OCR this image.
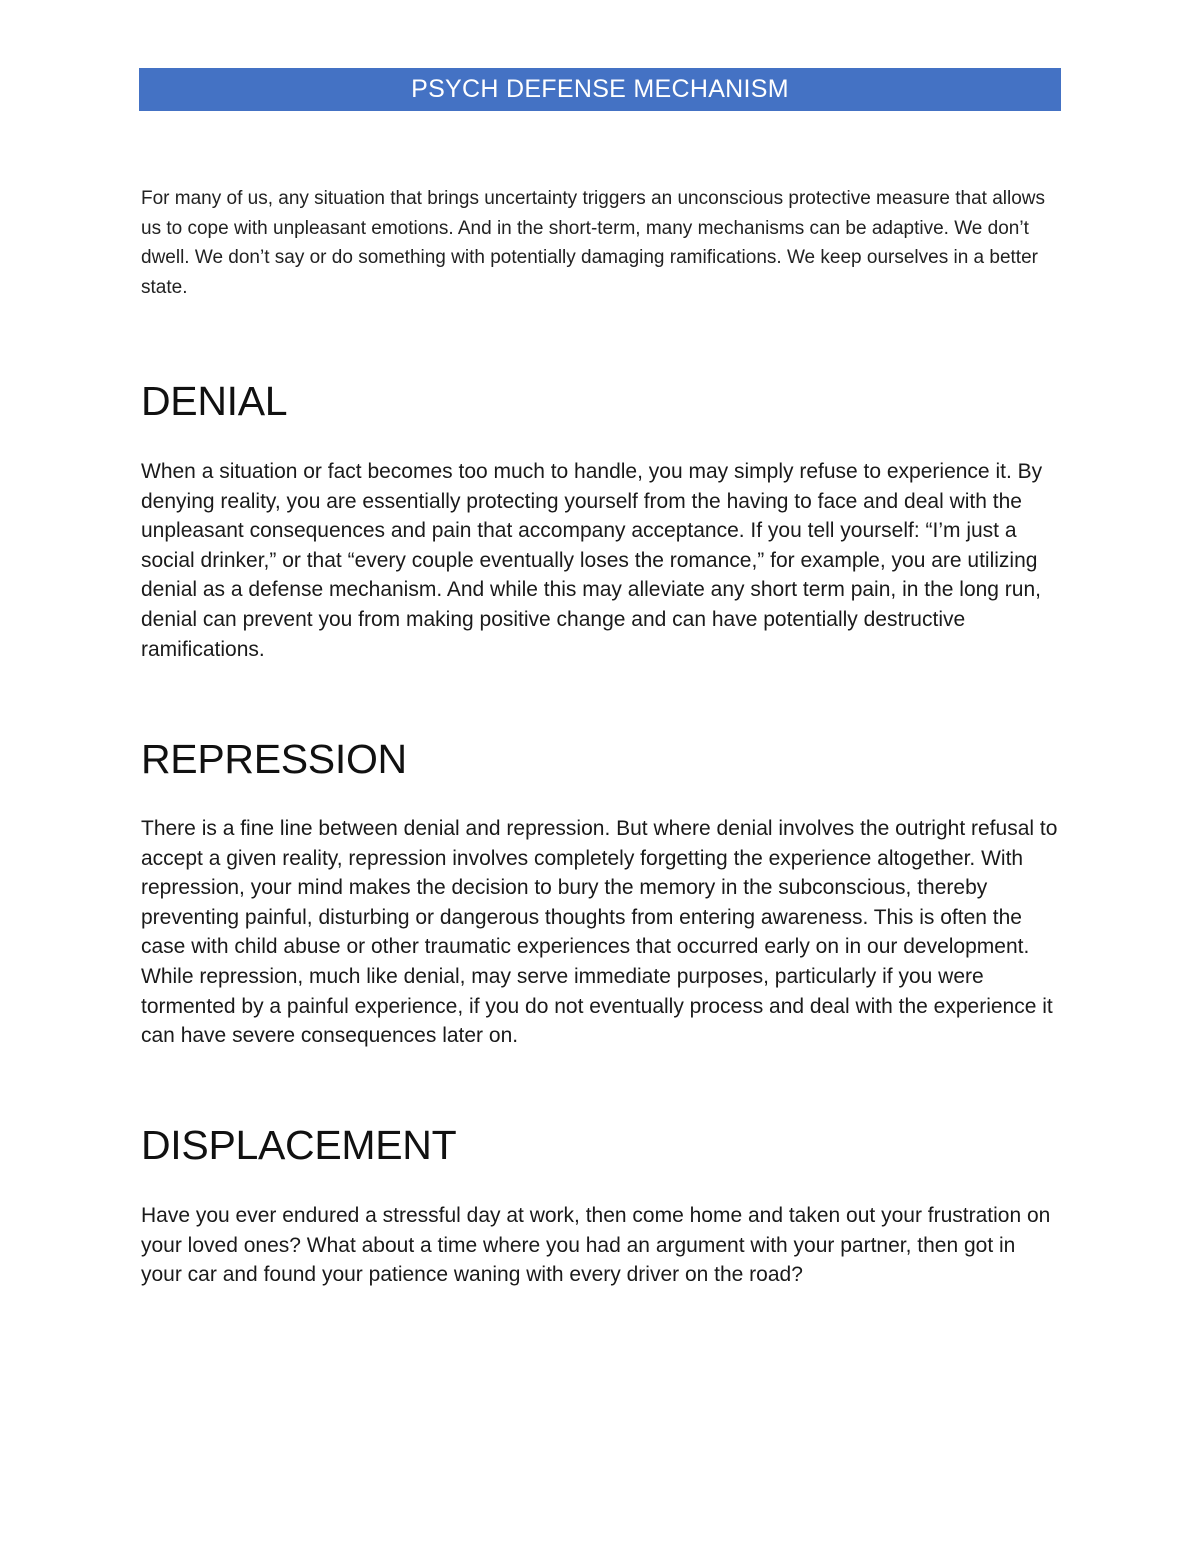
PSYCH DEFENSE MECHANISM

For many of us, any situation that brings uncertainty triggers an unconscious protective measure that allows us to cope with unpleasant emotions. And in the short-term, many mechanisms can be adaptive. We don’t dwell. We don’t say or do something with potentially damaging ramifications. We keep ourselves in a better state.

DENIAL

When a situation or fact becomes too much to handle, you may simply refuse to experience it. By denying reality, you are essentially protecting yourself from the having to face and deal with the unpleasant consequences and pain that accompany acceptance. If you tell yourself: “I’m just a social drinker,” or that “every couple eventually loses the romance,” for example, you are utilizing denial as a defense mechanism. And while this may alleviate any short term pain, in the long run, denial can prevent you from making positive change and can have potentially destructive ramifications.

REPRESSION

There is a fine line between denial and repression. But where denial involves the outright refusal to accept a given reality, repression involves completely forgetting the experience altogether. With repression, your mind makes the decision to bury the memory in the subconscious, thereby preventing painful, disturbing or dangerous thoughts from entering awareness. This is often the case with child abuse or other traumatic experiences that occurred early on in our development. While repression, much like denial, may serve immediate purposes, particularly if you were tormented by a painful experience, if you do not eventually process and deal with the experience it can have severe consequences later on.

DISPLACEMENT

Have you ever endured a stressful day at work, then come home and taken out your frustration on your loved ones? What about a time where you had an argument with your partner, then got in your car and found your patience waning with every driver on the road?
